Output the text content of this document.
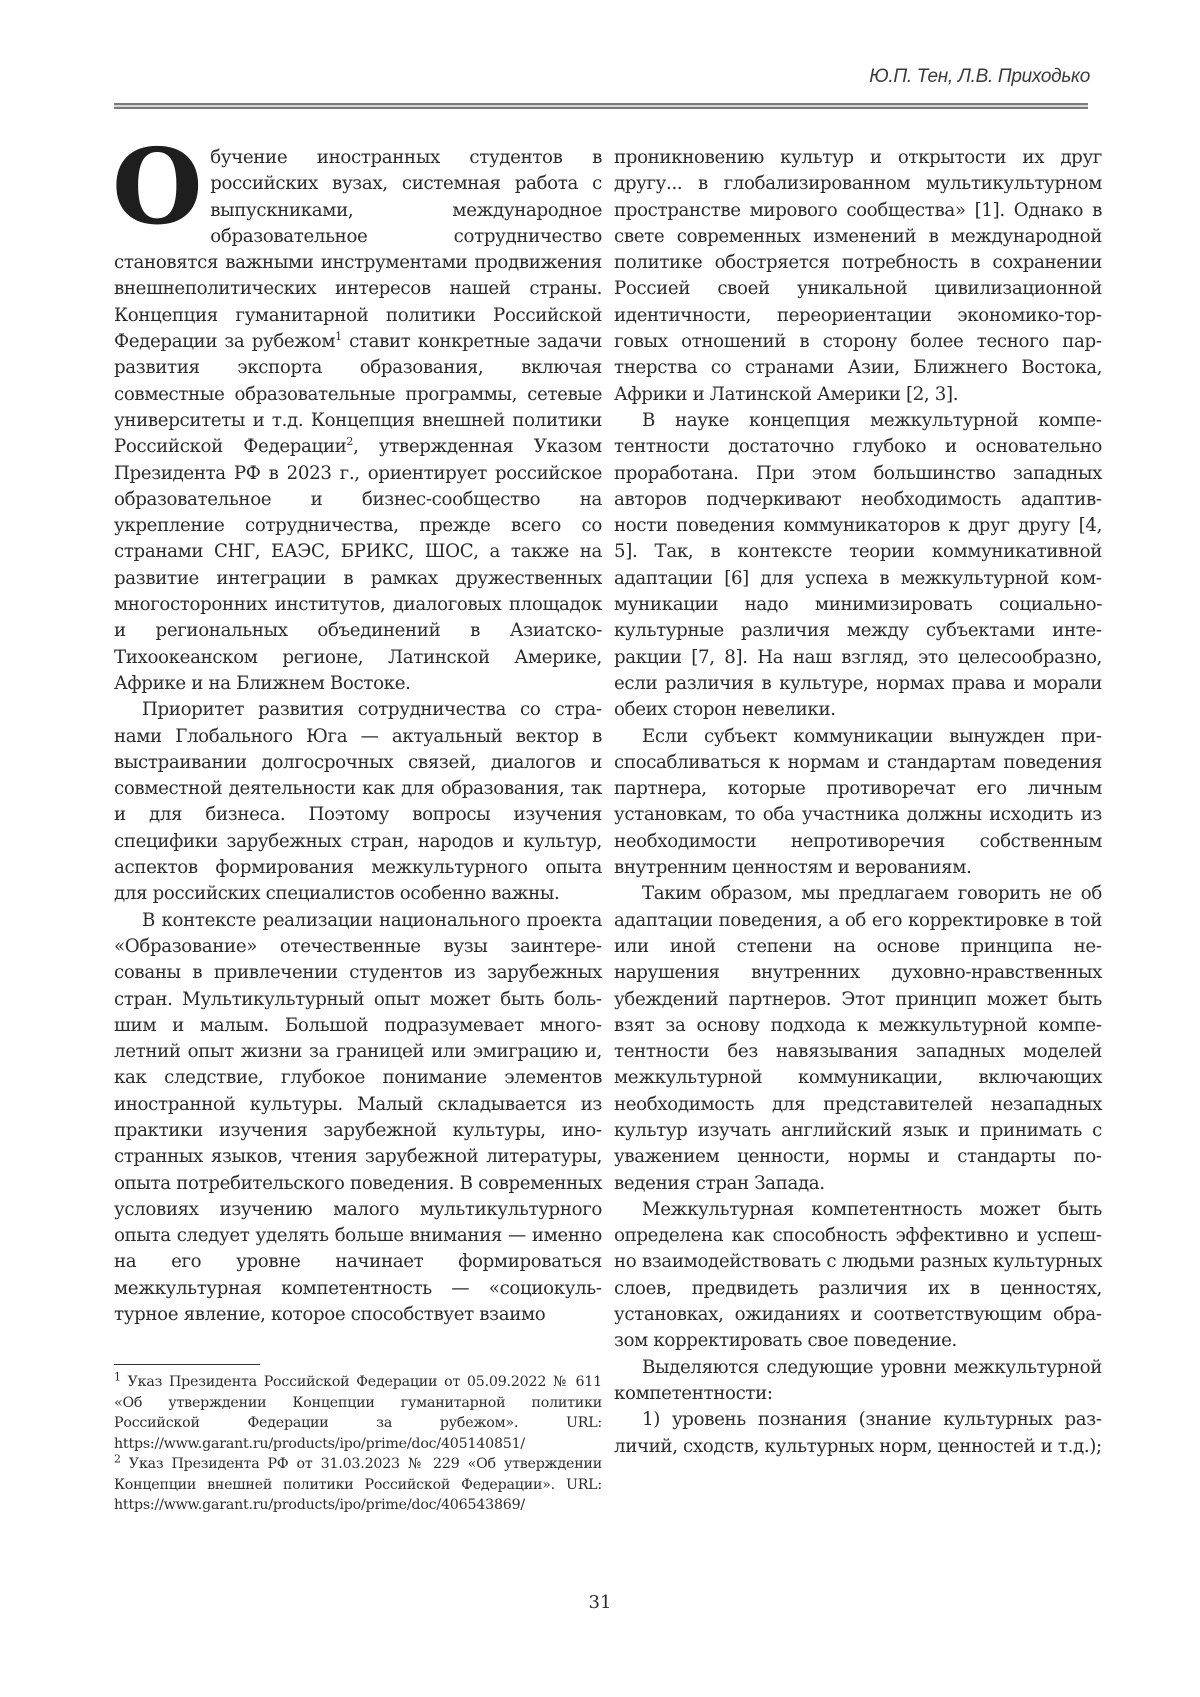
Ю.П. Тен, Л.В. Приходько

Обучение иностранных студентов в российских вузах, системная работа с выпускниками, международное образовательное сотрудничество становятся важными инструментами продвижения внешнеполитических интересов нашей страны. Концепция гуманитарной политики Российской Федерации за рубежом$^1$ ставит конкретные задачи развития экспорта образования, включая совместные образовательные программы, сетевые университеты и т.д. Концепция внешней политики Российской Федерации$^2$, утвержденная Указом Президента РФ в 2023 г., ориентирует российское образовательное и бизнес-сообщество на укрепление сотрудничества, прежде всего со странами СНГ, ЕАЭС, БРИКС, ШОС, а также на развитие интеграции в рамках дружественных многосторонних институтов, диалоговых площадок и региональных объединений в Азиатско-Тихоокеанском регионе, Латинской Америке, Африке и на Ближнем Востоке.

Приоритет развития сотрудничества со странами Глобального Юга — актуальный вектор в выстраивании долгосрочных связей, диалогов и совместной деятельности как для образования, так и для бизнеса. Поэтому вопросы изучения специфики зарубежных стран, народов и культур, аспектов формирования межкультурного опыта для российских специалистов особенно важны.

В контексте реализации национального проекта «Образование» отечественные вузы заинтересованы в привлечении студентов из зарубежных стран. Мультикультурный опыт может быть большим и малым. Большой подразумевает многолетний опыт жизни за границей или эмиграцию и, как следствие, глубокое понимание элементов иностранной культуры. Малый складывается из практики изучения зарубежной культуры, иностранных языков, чтения зарубежной литературы, опыта потребительского поведения. В современных условиях изучению малого мультикультурного опыта следует уделять больше внимания — именно на его уровне начинает формироваться межкультурная компетентность — «социокультурное явление, которое способствует взаимо

проникновению культур и открытости их друг другу... в глобализированном мультикультурном пространстве мирового сообщества» [1]. Однако в свете современных изменений в международной политике обостряется потребность в сохранении Россией своей уникальной цивилизационной идентичности, переориентации экономико-торговых отношений в сторону более тесного партнерства со странами Азии, Ближнего Востока, Африки и Латинской Америки [2, 3].

В науке концепция межкультурной компетентности достаточно глубоко и основательно проработана. При этом большинство западных авторов подчеркивают необходимость адаптивности поведения коммуникаторов к друг другу [4, 5]. Так, в контексте теории коммуникативной адаптации [6] для успеха в межкультурной коммуникации надо минимизировать социально-культурные различия между субъектами интеракции [7, 8]. На наш взгляд, это целесообразно, если различия в культуре, нормах права и морали обеих сторон невелики.

Если субъект коммуникации вынужден приспосабливаться к нормам и стандартам поведения партнера, которые противоречат его личным установкам, то оба участника должны исходить из необходимости непротиворечия собственным внутренним ценностям и верованиям.

Таким образом, мы предлагаем говорить не об адаптации поведения, а об его корректировке в той или иной степени на основе принципа ненарушения внутренних духовно-нравственных убеждений партнеров. Этот принцип может быть взят за основу подхода к межкультурной компетентности без навязывания западных моделей межкультурной коммуникации, включающих необходимость для представителей незападных культур изучать английский язык и принимать с уважением ценности, нормы и стандарты поведения стран Запада.

Межкультурная компетентность может быть определена как способность эффективно и успешно взаимодействовать с людьми разных культурных слоев, предвидеть различия их в ценностях, установках, ожиданиях и соответствующим образом корректировать свое поведение.

Выделяются следующие уровни межкультурной компетентности:

1) уровень познания (знание культурных различий, сходств, культурных норм, ценностей и т.д.);

$^1$ Указ Президента Российской Федерации от 05.09.2022 № 611 «Об утверждении Концепции гуманитарной политики Российской Федерации за рубежом». URL: https://www.garant.ru/products/ipo/prime/doc/405140851/

$^2$ Указ Президента РФ от 31.03.2023 № 229 «Об утверждении Концепции внешней политики Российской Федерации». URL: https://www.garant.ru/products/ipo/prime/doc/406543869/

31
